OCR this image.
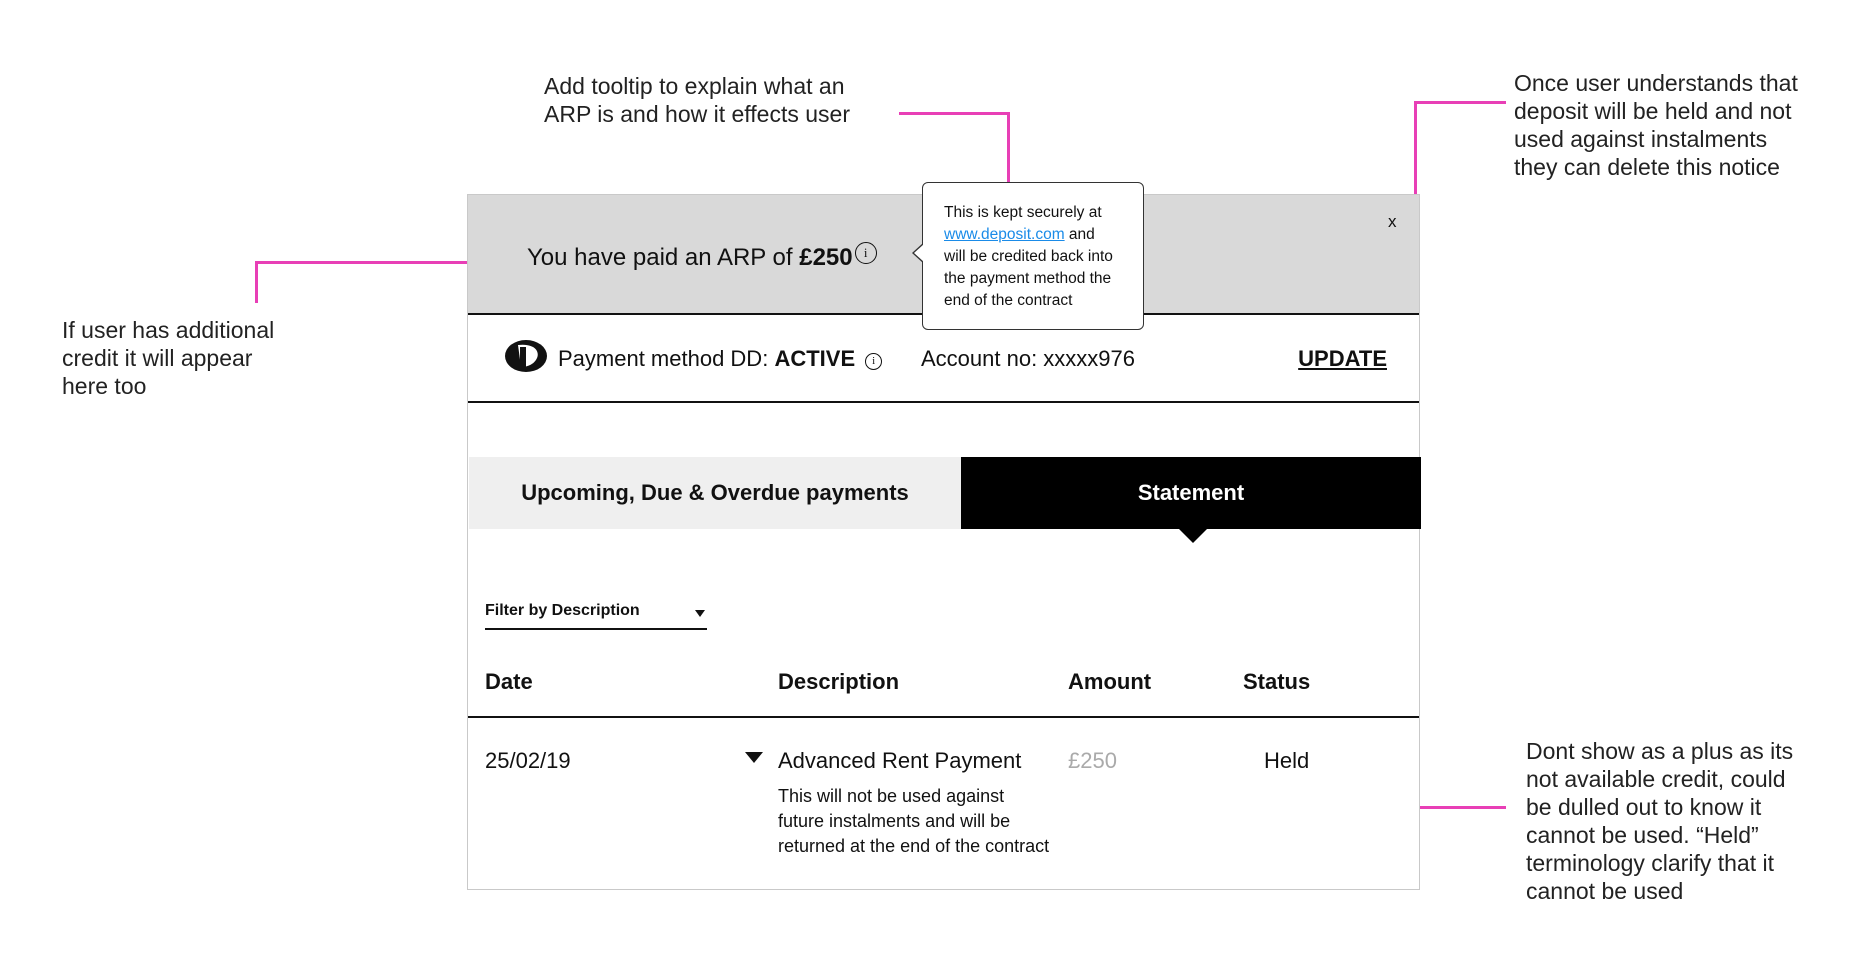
Add tooltip to explain what an
ARP is and how it effects user
Once user understands that
deposit will be held and not
used against instalments
they can delete this notice
If user has additional
credit it will appear
here too
Dont show as a plus as its
not available credit, could
be dulled out to know it
cannot be used. “Held”
terminology clarify that it
cannot be used
You have paid an ARP of £250 i
x
This is kept securely at
www.deposit.com and
will be credited back into
the payment method the
end of the contract
Payment method DD: ACTIVE i	Account no: xxxxx976	UPDATE
Upcoming, Due & Overdue payments	Statement
Filter by Description
Date	Description	Amount	Status
25/02/19	Advanced Rent Payment
This will not be used against
future instalments and will be
returned at the end of the contract
£250	Held
